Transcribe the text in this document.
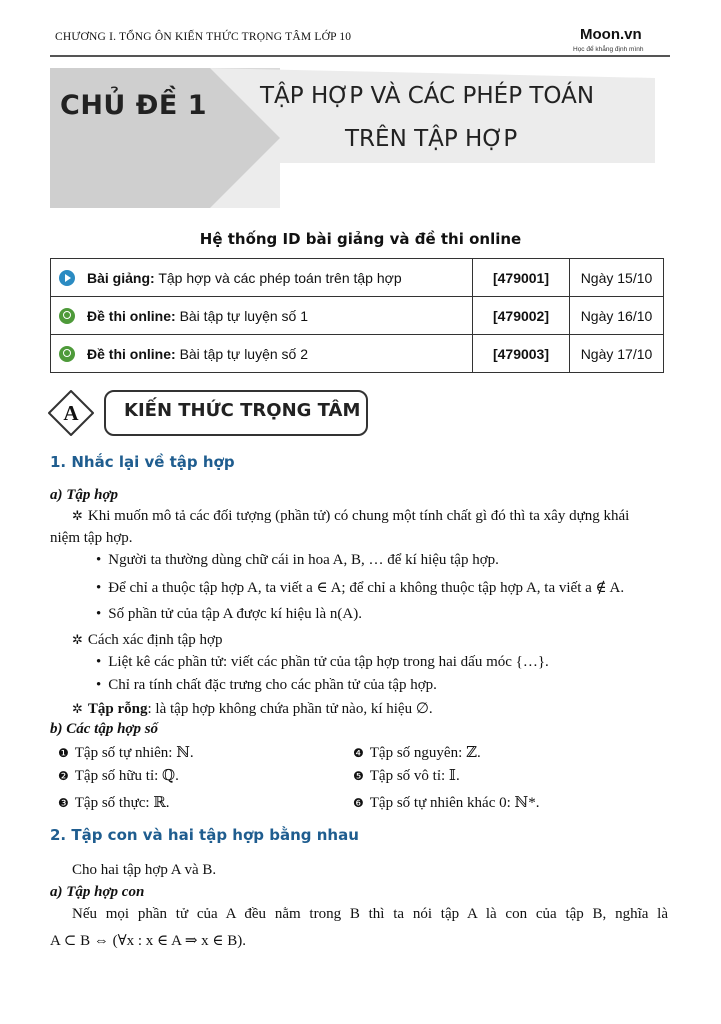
CHƯƠNG I. TỔNG ÔN KIẾN THỨC TRỌNG TÂM LỚP 10	Moon.vn
Học để khẳng định mình
CHỦ ĐỀ 1 TẬP HỢP VÀ CÁC PHÉP TOÁN
TRÊN TẬP HỢP
Hệ thống ID bài giảng và đề thi online
Bài giảng: Tập hợp và các phép toán trên tập hợp	[479001]	Ngày 15/10
Đề thi online: Bài tập tự luyện số 1	[479002]	Ngày 16/10
Đề thi online: Bài tập tự luyện số 2	[479003]	Ngày 17/10
A	KIẾN THỨC TRỌNG TÂM
1. Nhắc lại về tập hợp
a) Tập hợp
✲ Khi muốn mô tả các đối tượng (phần tử) có chung một tính chất gì đó thì ta xây dựng khái
niệm tập hợp.
• Người ta thường dùng chữ cái in hoa A, B, … để kí hiệu tập hợp.
• Để chỉ a thuộc tập hợp A, ta viết a ∈ A; để chỉ a không thuộc tập hợp A, ta viết a ∉ A.
• Số phần tử của tập A được kí hiệu là n(A).
✲ Cách xác định tập hợp
• Liệt kê các phần tử: viết các phần tử của tập hợp trong hai dấu móc {…}.
• Chỉ ra tính chất đặc trưng cho các phần tử của tập hợp.
✲ Tập rỗng: là tập hợp không chứa phần tử nào, kí hiệu ∅.
b) Các tập hợp số
❶ Tập số tự nhiên: ℕ.	❹ Tập số nguyên: ℤ.
❷ Tập số hữu tỉ: ℚ.	❺ Tập số vô tỉ: 𝕀.
❸ Tập số thực: ℝ.	❻ Tập số tự nhiên khác 0: ℕ*.
2. Tập con và hai tập hợp bằng nhau
Cho hai tập hợp A và B.
a) Tập hợp con
Nếu mọi phần tử của A đều nằm trong B thì ta nói tập A là con của tập B, nghĩa là
A ⊂ B ⇔ (∀x : x ∈ A ⇒ x ∈ B).
